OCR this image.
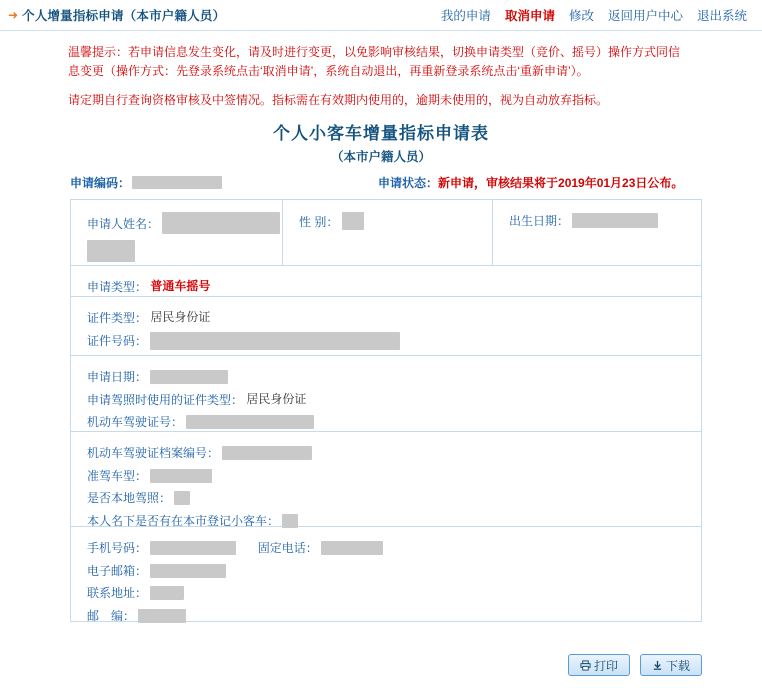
➜ 个人增量指标申请（本市户籍人员）	我的申请	取消申请	修改	返回用户中心	退出系统
温馨提示：若申请信息发生变化，请及时进行变更，以免影响审核结果，切换申请类型（竞价、摇号）操作方式同信
息变更（操作方式：先登录系统点击‘取消申请’，系统自动退出，再重新登录系统点击‘重新申请’）。
请定期自行查询资格审核及中签情况。指标需在有效期内使用的，逾期未使用的，视为自动放弃指标。
个人小客车增量指标申请表
（本市户籍人员）
申请编码：	申请状态： 新申请，审核结果将于2019年01月23日公布。
申请人姓名：	性 别：	出生日期：
申请类型： 普通车摇号
证件类型： 居民身份证
证件号码：
申请日期：
申请驾照时使用的证件类型： 居民身份证
机动车驾驶证号：
机动车驾驶证档案编号：
准驾车型：
是否本地驾照：
本人名下是否有在本市登记小客车：
手机号码：	固定电话：
电子邮箱：
联系地址：
邮　编：
打印	下载
